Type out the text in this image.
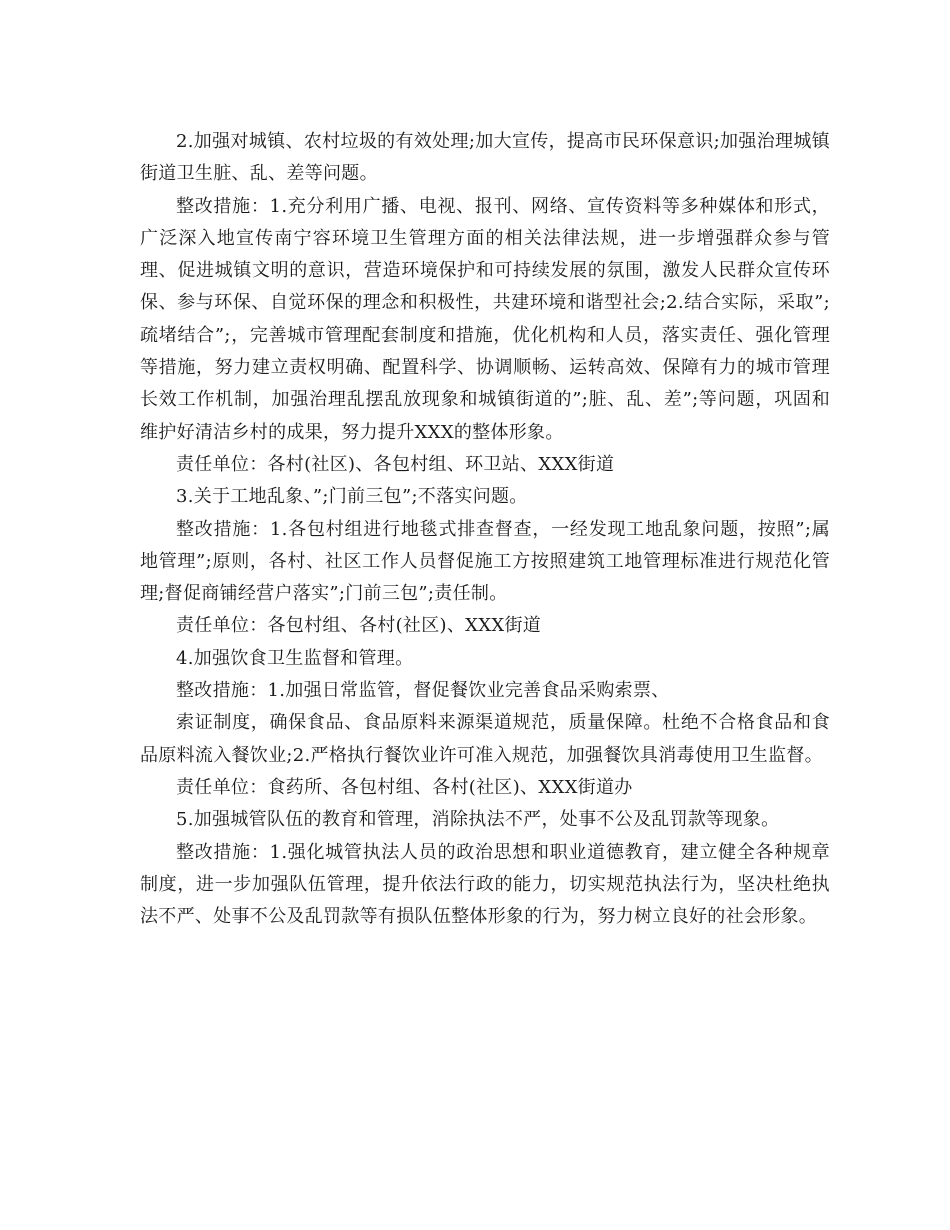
2.加强对城镇、农村垃圾的有效处理;加大宣传，提高市民环保意识;加强治理城镇街道卫生脏、乱、差等问题。

整改措施：1.充分利用广播、电视、报刊、网络、宣传资料等多种媒体和形式，广泛深入地宣传南宁容环境卫生管理方面的相关法律法规，进一步增强群众参与管理、促进城镇文明的意识，营造环境保护和可持续发展的氛围，激发人民群众宣传环保、参与环保、自觉环保的理念和积极性，共建环境和谐型社会;2.结合实际，采取”;疏堵结合”;，完善城市管理配套制度和措施，优化机构和人员，落实责任、强化管理等措施，努力建立责权明确、配置科学、协调顺畅、运转高效、保障有力的城市管理长效工作机制，加强治理乱摆乱放现象和城镇街道的”;脏、乱、差”;等问题，巩固和维护好清洁乡村的成果，努力提升XXX的整体形象。

责任单位：各村(社区)、各包村组、环卫站、XXX街道

3.关于工地乱象、”;门前三包”;不落实问题。

整改措施：1.各包村组进行地毯式排查督查，一经发现工地乱象问题，按照”;属地管理”;原则，各村、社区工作人员督促施工方按照建筑工地管理标准进行规范化管理;督促商铺经营户落实”;门前三包”;责任制。

责任单位：各包村组、各村(社区)、XXX街道

4.加强饮食卫生监督和管理。

整改措施：1.加强日常监管，督促餐饮业完善食品采购索票、

索证制度，确保食品、食品原料来源渠道规范，质量保障。杜绝不合格食品和食品原料流入餐饮业;2.严格执行餐饮业许可准入规范，加强餐饮具消毒使用卫生监督。

责任单位：食药所、各包村组、各村(社区)、XXX街道办

5.加强城管队伍的教育和管理，消除执法不严，处事不公及乱罚款等现象。

整改措施：1.强化城管执法人员的政治思想和职业道德教育，建立健全各种规章制度，进一步加强队伍管理，提升依法行政的能力，切实规范执法行为，坚决杜绝执法不严、处事不公及乱罚款等有损队伍整体形象的行为，努力树立良好的社会形象。
